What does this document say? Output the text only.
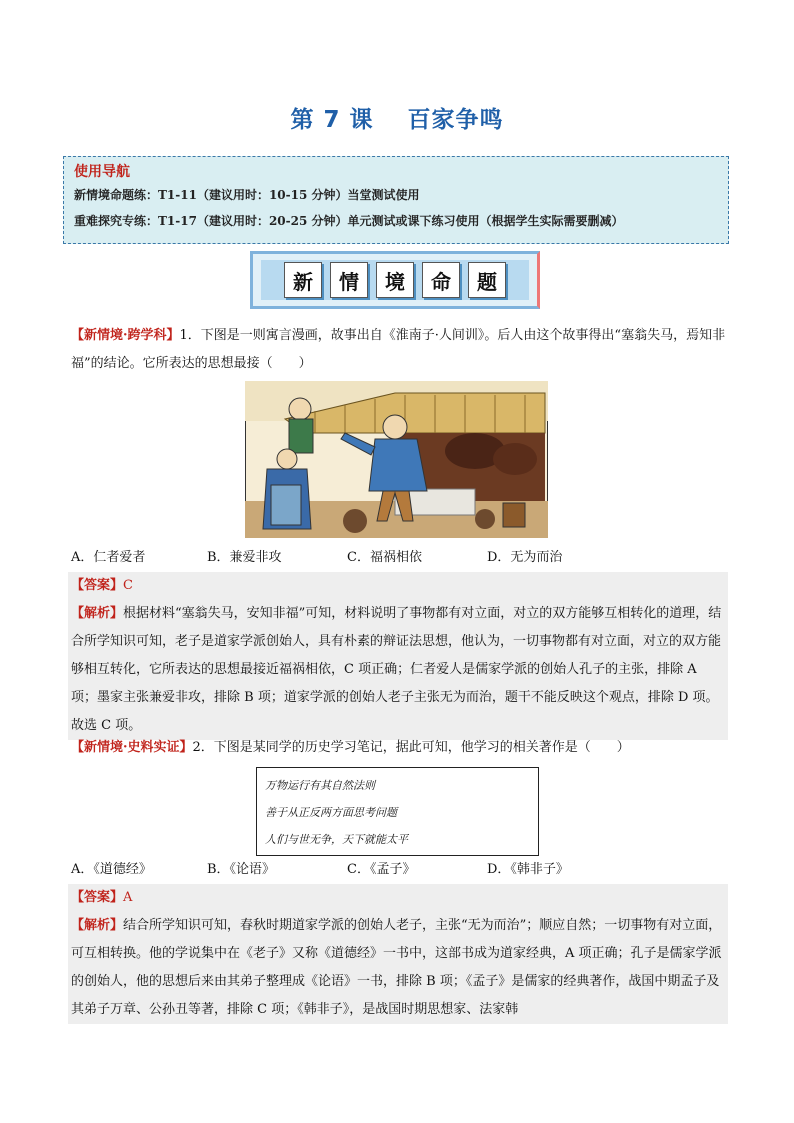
第 7 课 百家争鸣
使用导航
新情境命题练：T1-11（建议用时：10-15 分钟）当堂测试使用
重难探究专练：T1-17（建议用时：20-25 分钟）单元测试或课下练习使用（根据学生实际需要删减）
新	情	境	命	题
【新情境·跨学科】1．下图是一则寓言漫画，故事出自《淮南子·人间训》。后人由这个故事得出“塞翁失马，焉知非福”的结论。它所表达的思想最接（　　）
A．仁者爱者	B．兼爱非攻	C．福祸相依	D．无为而治
【答案】C
【解析】根据材料“塞翁失马，安知非福”可知，材料说明了事物都有对立面，对立的双方能够互相转化的道理，结合所学知识可知，老子是道家学派创始人，具有朴素的辩证法思想，他认为，一切事物都有对立面，对立的双方能够相互转化，它所表达的思想最接近福祸相依，C 项正确；仁者爱人是儒家学派的创始人孔子的主张，排除 A 项；墨家主张兼爱非攻，排除 B 项；道家学派的创始人老子主张无为而治，题干不能反映这个观点，排除 D 项。故选 C 项。
【新情境·史料实证】2．下图是某同学的历史学习笔记，据此可知，他学习的相关著作是（　　）
万物运行有其自然法则
善于从正反两方面思考问题
人们与世无争，天下就能太平
A．《道德经》	B．《论语》	C．《孟子》	D．《韩非子》
【答案】A
【解析】结合所学知识可知，春秋时期道家学派的创始人老子，主张“无为而治”；顺应自然；一切事物有对立面，可互相转换。他的学说集中在《老子》又称《道德经》一书中，这部书成为道家经典，A 项正确；孔子是儒家学派的创始人，他的思想后来由其弟子整理成《论语》一书，排除 B 项；《孟子》是儒家的经典著作，战国中期孟子及其弟子万章、公孙丑等著，排除 C 项；《韩非子》，是战国时期思想家、法家韩
